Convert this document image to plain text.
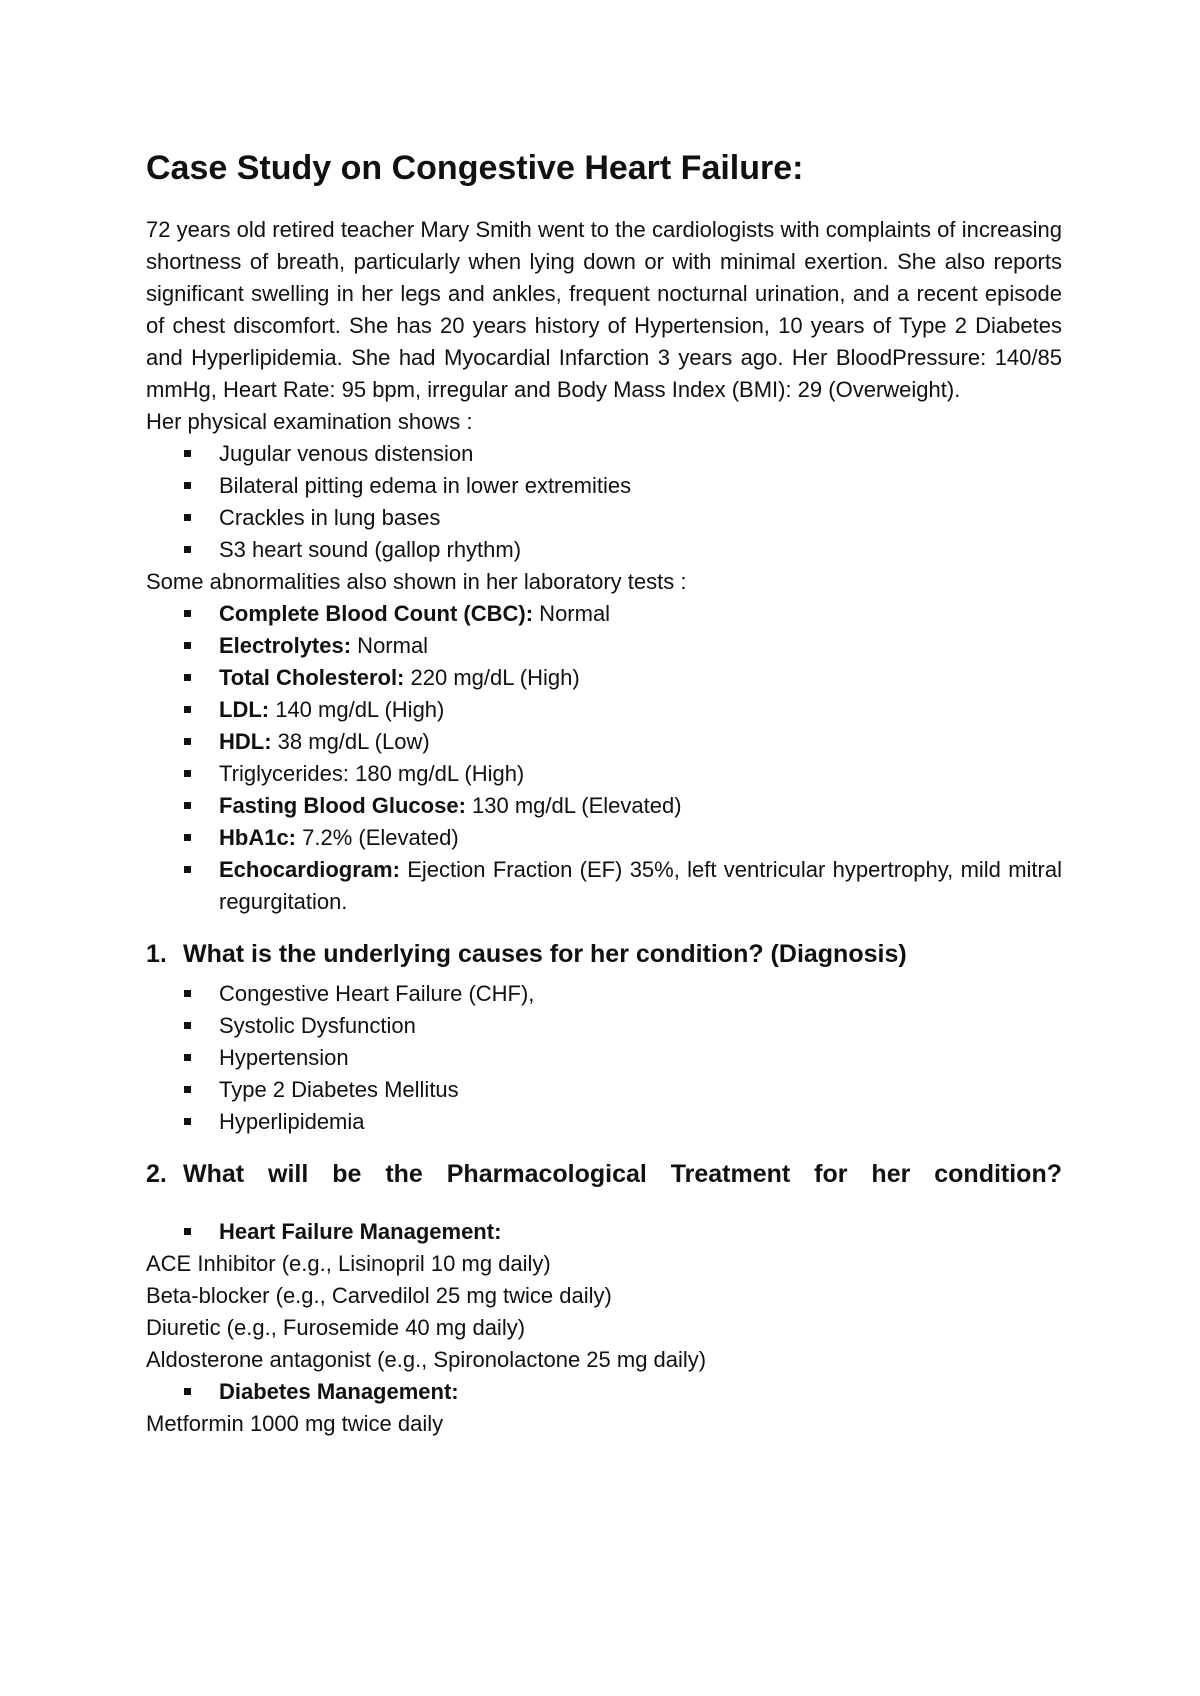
Case Study on Congestive Heart Failure:

72 years old retired teacher Mary Smith went to the cardiologists with complaints of increasing shortness of breath, particularly when lying down or with minimal exertion. She also reports significant swelling in her legs and ankles, frequent nocturnal urination, and a recent episode of chest discomfort. She has 20 years history of Hypertension, 10 years of Type 2 Diabetes and Hyperlipidemia. She had Myocardial Infarction 3 years ago. Her BloodPressure: 140/85 mmHg, Heart Rate: 95 bpm, irregular and Body Mass Index (BMI): 29 (Overweight).

Her physical examination shows :

Jugular venous distension
Bilateral pitting edema in lower extremities
Crackles in lung bases
S3 heart sound (gallop rhythm)

Some abnormalities also shown in her laboratory tests :

Complete Blood Count (CBC): Normal
Electrolytes: Normal
Total Cholesterol: 220 mg/dL (High)
LDL: 140 mg/dL (High)
HDL: 38 mg/dL (Low)
Triglycerides: 180 mg/dL (High)
Fasting Blood Glucose: 130 mg/dL (Elevated)
HbA1c: 7.2% (Elevated)
Echocardiogram: Ejection Fraction (EF) 35%, left ventricular hypertrophy, mild mitral regurgitation.
1. What is the underlying causes for her condition? (Diagnosis)
Congestive Heart Failure (CHF),
Systolic Dysfunction
Hypertension
Type 2 Diabetes Mellitus
Hyperlipidemia
2. What will be the Pharmacological Treatment for her condition?
Heart Failure Management:

ACE Inhibitor (e.g., Lisinopril 10 mg daily)

Beta-blocker (e.g., Carvedilol 25 mg twice daily)

Diuretic (e.g., Furosemide 40 mg daily)

Aldosterone antagonist (e.g., Spironolactone 25 mg daily)

Diabetes Management:

Metformin 1000 mg twice daily
